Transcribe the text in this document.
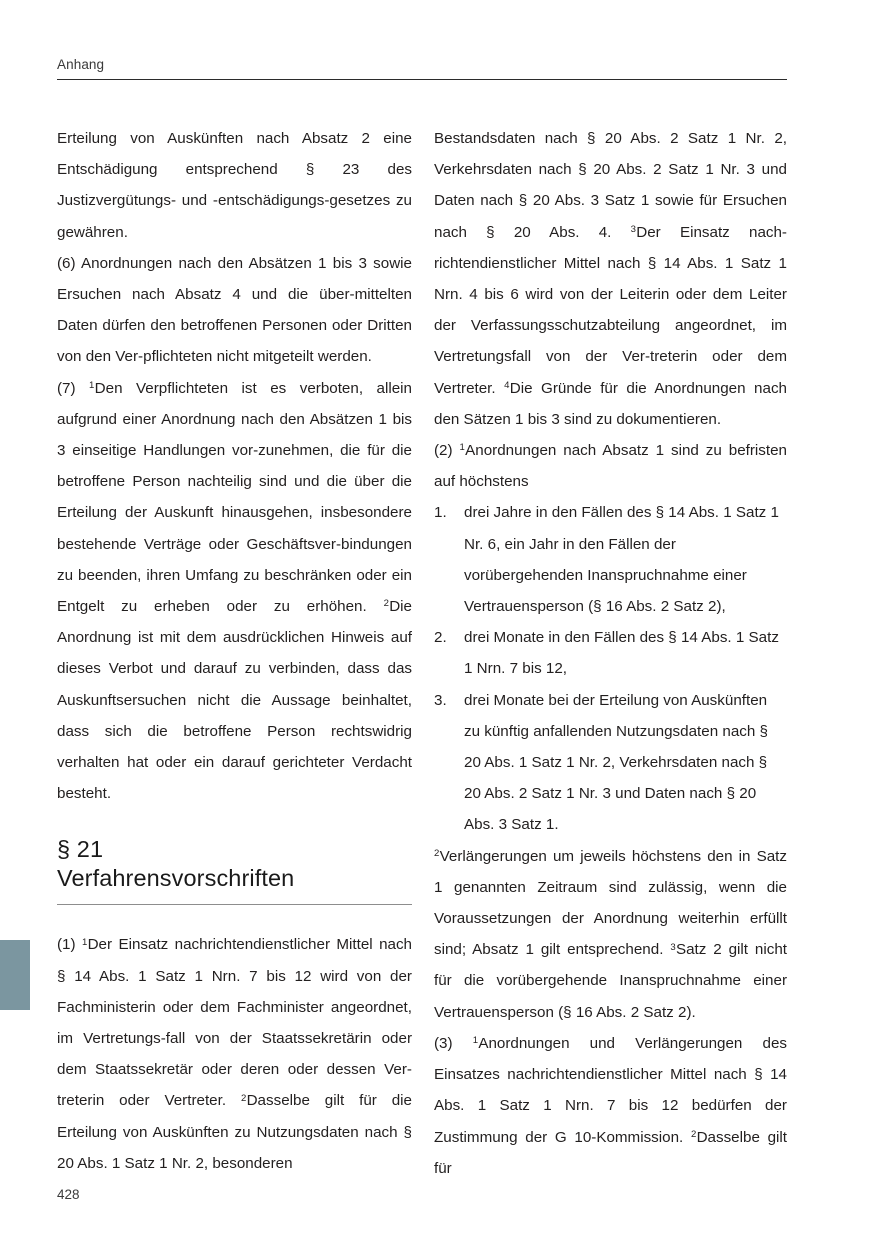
Anhang

Erteilung von Auskünften nach Absatz 2 eine Entschädigung entsprechend § 23 des Justizvergütungs- und -entschädigungs-gesetzes zu gewähren.

(6) Anordnungen nach den Absätzen 1 bis 3 sowie Ersuchen nach Absatz 4 und die über-mittelten Daten dürfen den betroffenen Personen oder Dritten von den Ver-pflichteten nicht mitgeteilt werden.

(7) $^1$Den Verpflichteten ist es verboten, allein aufgrund einer Anordnung nach den Absätzen 1 bis 3 einseitige Handlungen vor-zunehmen, die für die betroffene Person nachteilig sind und die über die Erteilung der Auskunft hinausgehen, insbesondere bestehende Verträge oder Geschäftsver-bindungen zu beenden, ihren Umfang zu beschränken oder ein Entgelt zu erheben oder zu erhöhen. $^2$Die Anordnung ist mit dem ausdrücklichen Hinweis auf dieses Verbot und darauf zu verbinden, dass das Auskunftsersuchen nicht die Aussage beinhaltet, dass sich die betroffene Person rechtswidrig verhalten hat oder ein darauf gerichteter Verdacht besteht.

§ 21
Verfahrensvorschriften

(1) $^1$Der Einsatz nachrichtendienstlicher Mittel nach § 14 Abs. 1 Satz 1 Nrn. 7 bis 12 wird von der Fachministerin oder dem Fachminister angeordnet, im Vertretungs-fall von der Staatssekretärin oder dem Staatssekretär oder deren oder dessen Ver-treterin oder Vertreter. $^2$Dasselbe gilt für die Erteilung von Auskünften zu Nutzungsdaten nach § 20 Abs. 1 Satz 1 Nr. 2, besonderen

Bestandsdaten nach § 20 Abs. 2 Satz 1 Nr. 2, Verkehrsdaten nach § 20 Abs. 2 Satz 1 Nr. 3 und Daten nach § 20 Abs. 3 Satz 1 sowie für Ersuchen nach § 20 Abs. 4. $^3$Der Einsatz nach-richtendienstlicher Mittel nach § 14 Abs. 1 Satz 1 Nrn. 4 bis 6 wird von der Leiterin oder dem Leiter der Verfassungsschutzabteilung angeordnet, im Vertretungsfall von der Ver-treterin oder dem Vertreter. $^4$Die Gründe für die Anordnungen nach den Sätzen 1 bis 3 sind zu dokumentieren.

(2) $^1$Anordnungen nach Absatz 1 sind zu befristen auf höchstens

1.	drei Jahre in den Fällen des § 14 Abs. 1 Satz 1 Nr. 6, ein Jahr in den Fällen der vorübergehenden Inanspruchnahme einer Vertrauensperson (§ 16 Abs. 2 Satz 2),
2.	drei Monate in den Fällen des § 14 Abs. 1 Satz 1 Nrn. 7 bis 12,
3.	drei Monate bei der Erteilung von Auskünften zu künftig anfallenden Nutzungsdaten nach § 20 Abs. 1 Satz 1 Nr. 2, Verkehrsdaten nach § 20 Abs. 2 Satz 1 Nr. 3 und Daten nach § 20 Abs. 3 Satz 1.

$^2$Verlängerungen um jeweils höchstens den in Satz 1 genannten Zeitraum sind zulässig, wenn die Voraussetzungen der Anordnung weiterhin erfüllt sind; Absatz 1 gilt entsprechend. $^3$Satz 2 gilt nicht für die vorübergehende Inanspruchnahme einer Vertrauensperson (§ 16 Abs. 2 Satz 2).

(3) $^1$Anordnungen und Verlängerungen des Einsatzes nachrichtendienstlicher Mittel nach § 14 Abs. 1 Satz 1 Nrn. 7 bis 12 bedürfen der Zustimmung der G 10-Kommission. $^2$Dasselbe gilt für

428
